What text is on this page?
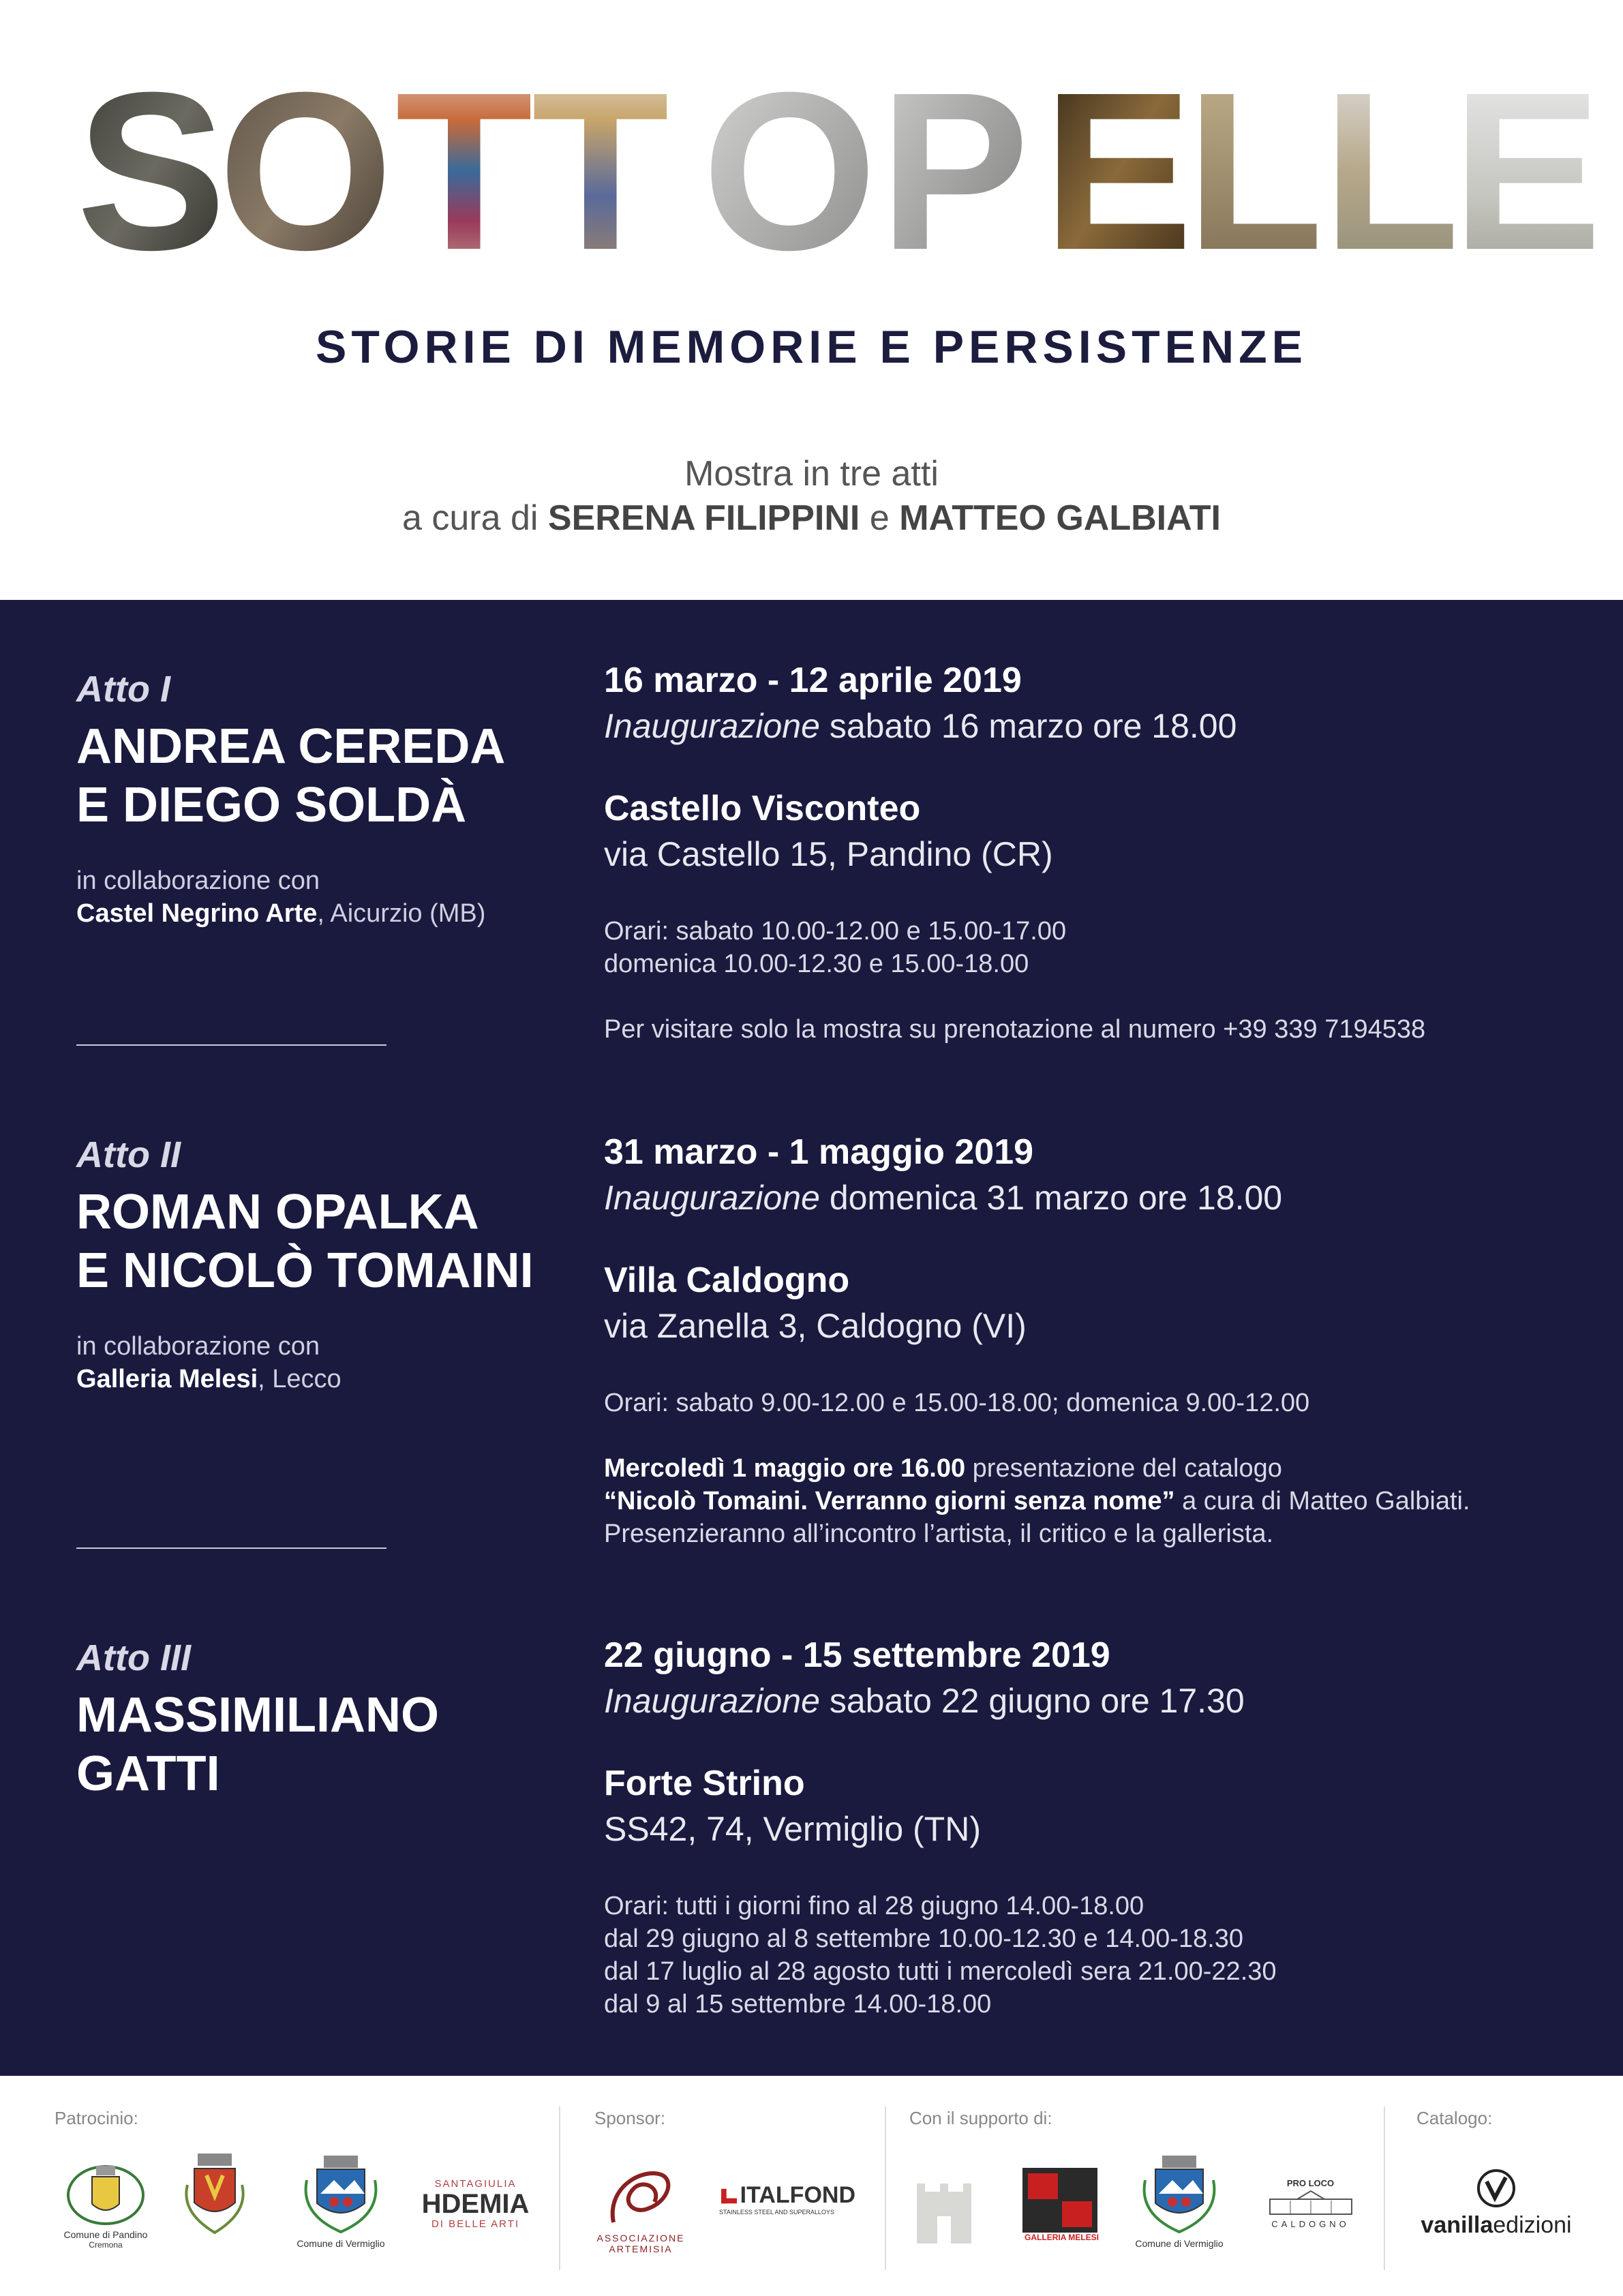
S
O T
T O P E
L
L
E
STORIE DI MEMORIE E PERSISTENZE
Mostra in tre atti
a cura di SERENA FILIPPINI e MATTEO GALBIATI
Atto I
ANDREA CEREDA
E DIEGO SOLDÀ
in collaborazione con
Castel Negrino Arte, Aicurzio (MB)
16 marzo - 12 aprile 2019
Inaugurazione sabato 16 marzo ore 18.00
Castello Visconteo
via Castello 15, Pandino (CR)
Orari: sabato 10.00-12.00 e 15.00-17.00
domenica 10.00-12.30 e 15.00-18.00
Per visitare solo la mostra su prenotazione al numero +39 339 7194538
Atto II
ROMAN OPALKA
E NICOLÒ TOMAINI
in collaborazione con
Galleria Melesi, Lecco
31 marzo - 1 maggio 2019
Inaugurazione domenica 31 marzo ore 18.00
Villa Caldogno
via Zanella 3, Caldogno (VI)
Orari: sabato 9.00-12.00 e 15.00-18.00; domenica 9.00-12.00
Mercoledì 1 maggio ore 16.00 presentazione del catalogo
“Nicolò Tomaini. Verranno giorni senza nome” a cura di Matteo Galbiati.
Presenzieranno all’incontro l’artista, il critico e la gallerista.
Atto III
MASSIMILIANO
GATTI
22 giugno - 15 settembre 2019
Inaugurazione sabato 22 giugno ore 17.30
Forte Strino
SS42, 74, Vermiglio (TN)
Orari: tutti i giorni fino al 28 giugno 14.00-18.00
dal 29 giugno al 8 settembre 10.00-12.30 e 14.00-18.30
dal 17 luglio al 28 agosto tutti i mercoledì sera 21.00-22.30
dal 9 al 15 settembre 14.00-18.00
Patrocinio:	Sponsor:	Con il supporto di:	Catalogo:
Comune di Pandino
Cremona	Comune di Vermiglio
SANTAGIULIA
HDEMIA
DI BELLE ARTI
ASSOCIAZIONE ARTEMISIA
ITALFOND
STAINLESS STEEL AND SUPERALLOYS
GALLERIA MELESI
Comune di Vermiglio
PRO LOCO
CALDOGNO	vanillaedizioni
